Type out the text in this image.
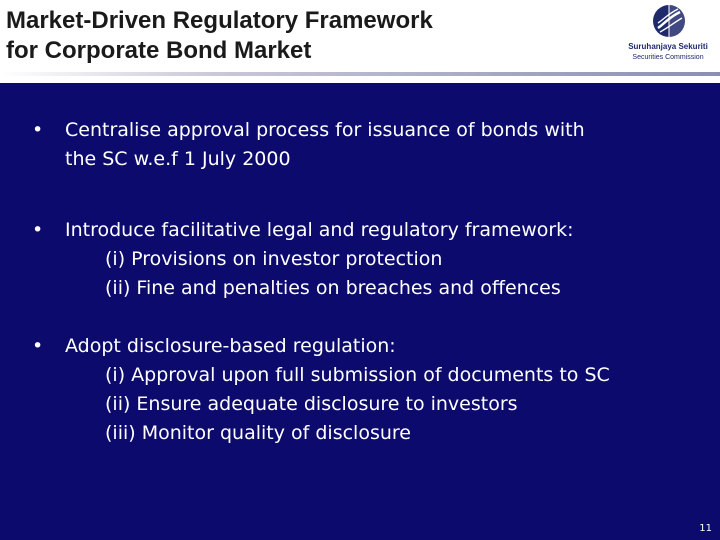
Market-Driven Regulatory Framework
for Corporate Bond Market	Suruhanjaya Sekuriti
Securities Commission
• Centralise approval process for issuance of bonds with
the SC w.e.f 1 July 2000
• Introduce facilitative legal and regulatory framework:
(i) Provisions on investor protection
(ii) Fine and penalties on breaches and offences
• Adopt disclosure-based regulation:
(i) Approval upon full submission of documents to SC
(ii) Ensure adequate disclosure to investors
(iii) Monitor quality of disclosure
11
